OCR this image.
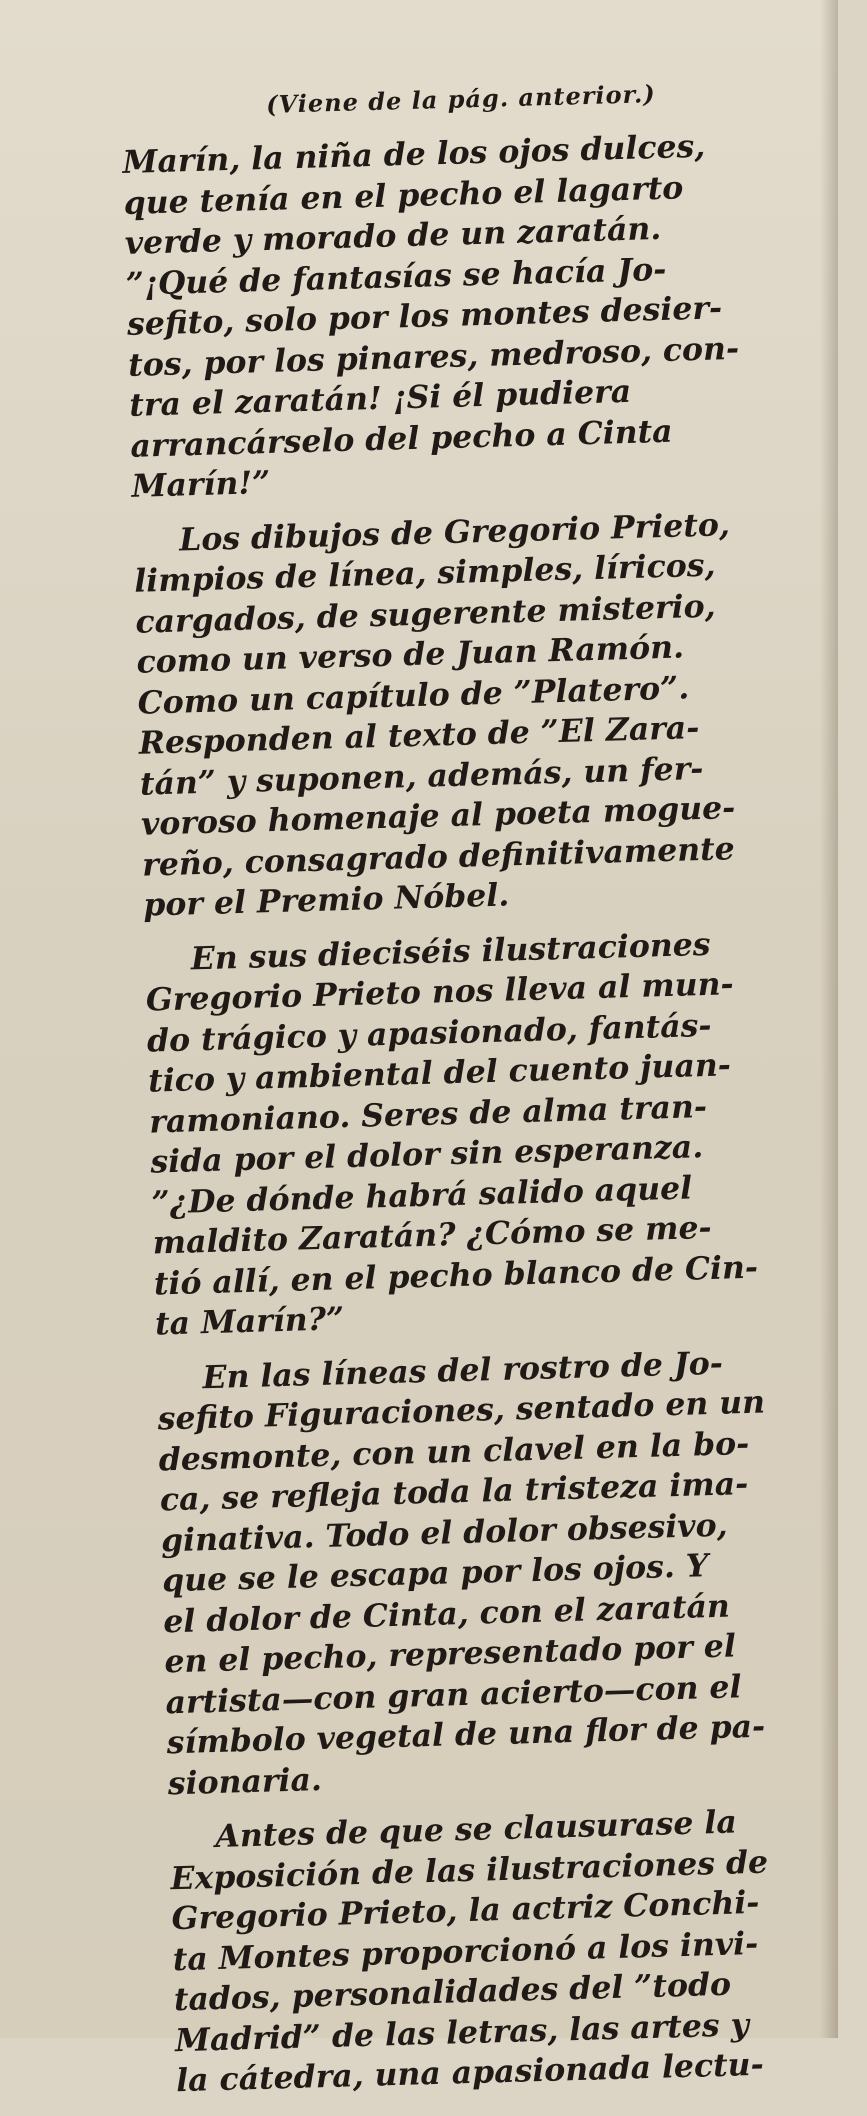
(Viene de la pág. anterior.)
Marín, la niña de los ojos dulces,
que tenía en el pecho el lagarto
verde y morado de un zaratán.
”¡Qué de fantasías se hacía Jo-
sefito, solo por los montes desier-
tos, por los pinares, medroso, con-
tra el zaratán! ¡Si él pudiera
arrancárselo del pecho a Cinta
Marín!”
Los dibujos de Gregorio Prieto,
limpios de línea, simples, líricos,
cargados, de sugerente misterio,
como un verso de Juan Ramón.
Como un capítulo de ”Platero”.
Responden al texto de ”El Zara-
tán” y suponen, además, un fer-
voroso homenaje al poeta mogue-
reño, consagrado definitivamente
por el Premio Nóbel.
En sus dieciséis ilustraciones
Gregorio Prieto nos lleva al mun-
do trágico y apasionado, fantás-
tico y ambiental del cuento juan-
ramoniano. Seres de alma tran-
sida por el dolor sin esperanza.
”¿De dónde habrá salido aquel
maldito Zaratán? ¿Cómo se me-
tió allí, en el pecho blanco de Cin-
ta Marín?”
En las líneas del rostro de Jo-
sefito Figuraciones, sentado en un
desmonte, con un clavel en la bo-
ca, se refleja toda la tristeza ima-
ginativa. Todo el dolor obsesivo,
que se le escapa por los ojos. Y
el dolor de Cinta, con el zaratán
en el pecho, representado por el
artista—con gran acierto—con el
símbolo vegetal de una flor de pa-
sionaria.
Antes de que se clausurase la
Exposición de las ilustraciones de
Gregorio Prieto, la actriz Conchi-
ta Montes proporcionó a los invi-
tados, personalidades del ”todo
Madrid” de las letras, las artes y
la cátedra, una apasionada lectu-
